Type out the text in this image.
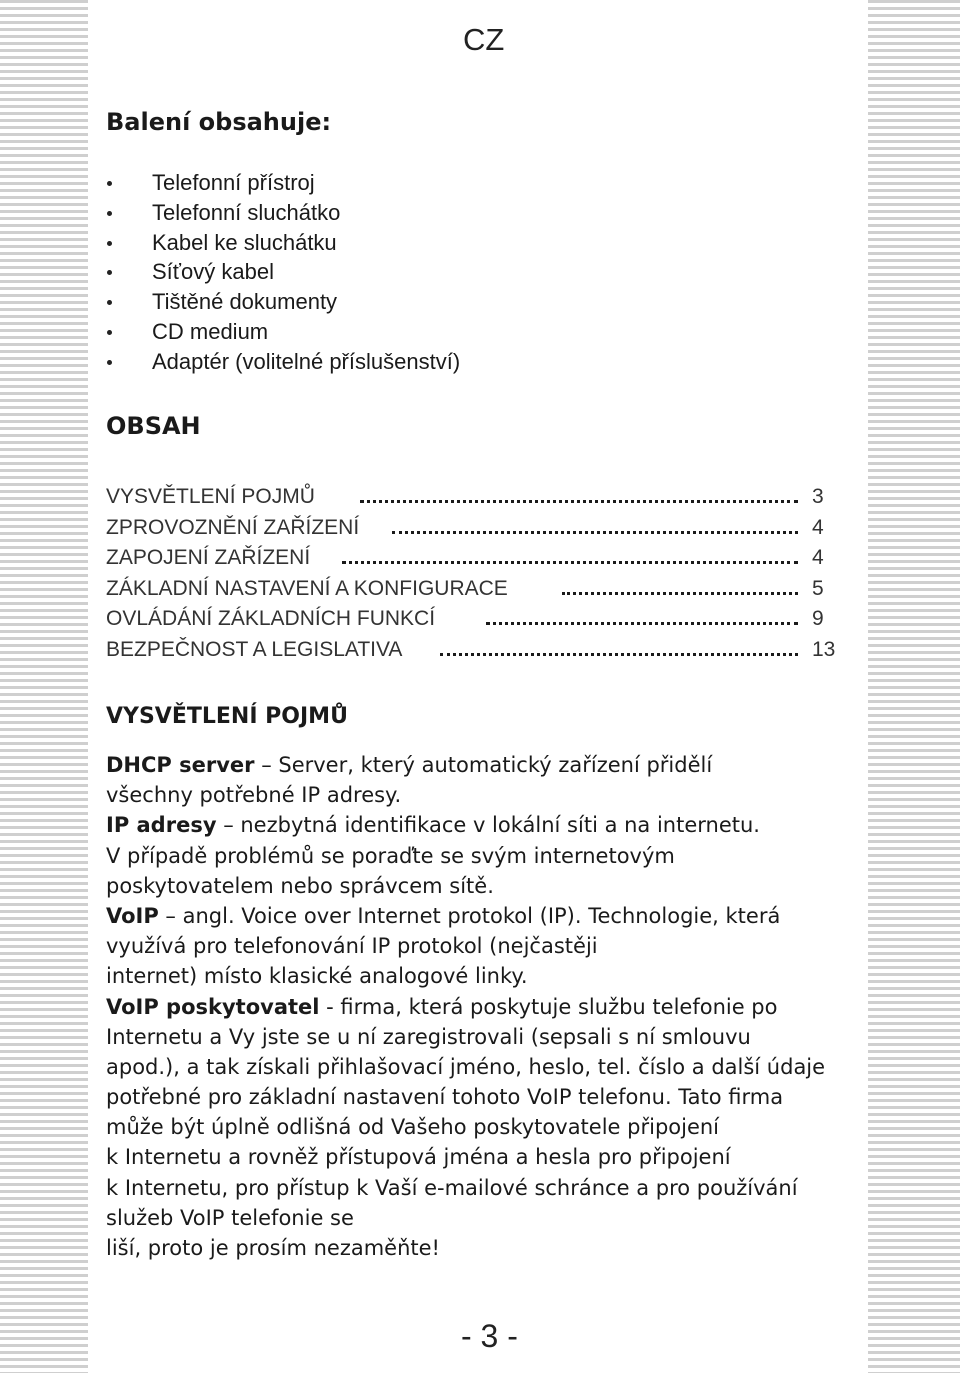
CZ
Balení obsahuje:
Telefonní přístroj
Telefonní sluchátko
Kabel ke sluchátku
Síťový kabel
Tištěné dokumenty
CD medium
Adaptér (volitelné příslušenství)
OBSAH
VYSVĚTLENÍ POJMŮ	3
ZPROVOZNĚNÍ ZAŘÍZENÍ	4
ZAPOJENÍ ZAŘÍZENÍ	4
ZÁKLADNÍ NASTAVENÍ A KONFIGURACE	5
OVLÁDÁNÍ ZÁKLADNÍCH FUNKCÍ	9
BEZPEČNOST A LEGISLATIVA	13
VYSVĚTLENÍ POJMŮ
DHCP server – Server, který automatický zařízení přidělí
všechny potřebné IP adresy.
IP adresy – nezbytná identifikace v lokální síti a na internetu.
V případě problémů se poraďte se svým internetovým
poskytovatelem nebo správcem sítě.
VoIP – angl. Voice over Internet protokol (IP). Technologie, která
využívá pro telefonování IP protokol (nejčastěji
internet) místo klasické analogové linky.
VoIP poskytovatel - firma, která poskytuje službu telefonie po
Internetu a Vy jste se u ní zaregistrovali (sepsali s ní smlouvu
apod.), a tak získali přihlašovací jméno, heslo, tel. číslo a další údaje
potřebné pro základní nastavení tohoto VoIP telefonu. Tato firma
může být úplně odlišná od Vašeho poskytovatele připojení
k Internetu a rovněž přístupová jména a hesla pro připojení
k Internetu, pro přístup k Vaší e-mailové schránce a pro používání
služeb VoIP telefonie se
liší, proto je prosím nezaměňte!
- 3 -
